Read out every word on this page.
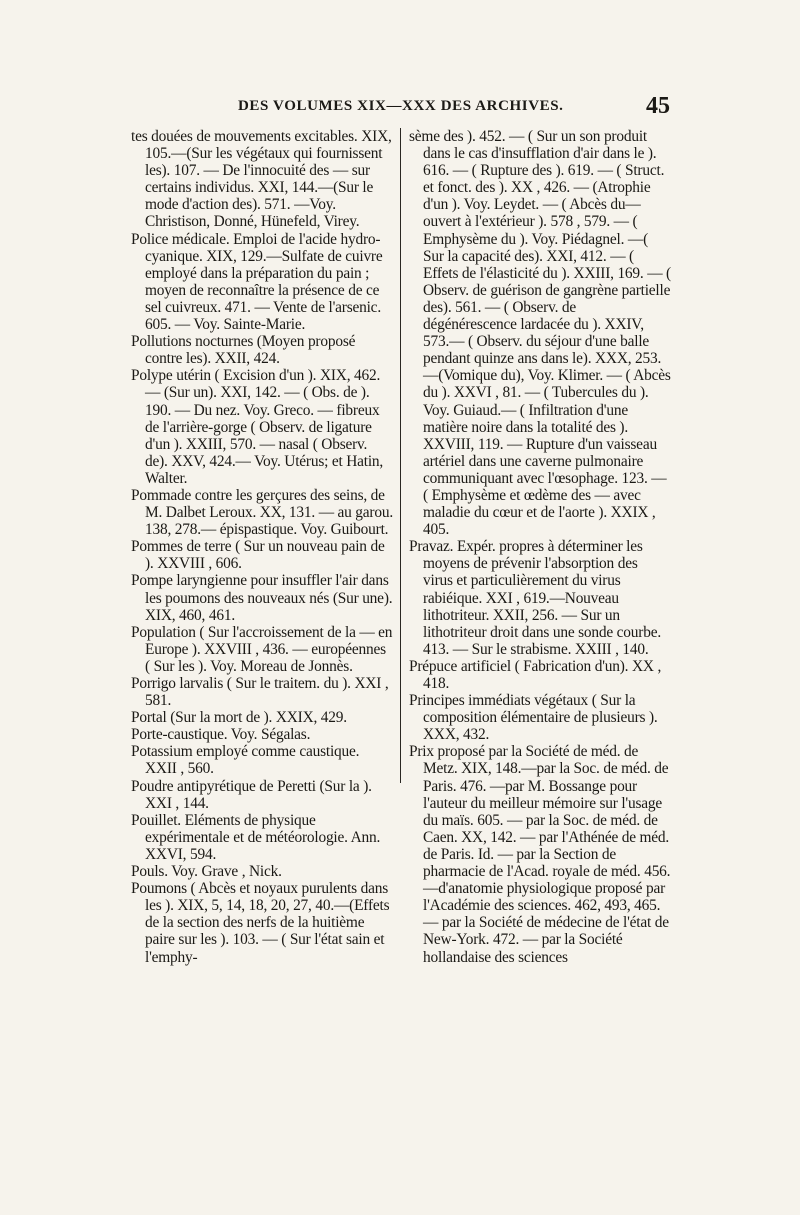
DES VOLUMES XIX—XXX DES ARCHIVES.	45

tes douées de mouvements excitables. XIX, 105.—(Sur les végétaux qui fournissent les). 107. — De l'innocuité des — sur certains individus. XXI, 144.—(Sur le mode d'action des). 571. —Voy. Christison, Donné, Hünefeld, Virey.

Police médicale. Emploi de l'acide hydro-cyanique. XIX, 129.—Sulfate de cuivre employé dans la préparation du pain ; moyen de reconnaître la présence de ce sel cuivreux. 471. — Vente de l'arsenic. 605. — Voy. Sainte-Marie.

Pollutions nocturnes (Moyen proposé contre les). XXII, 424.

Polype utérin ( Excision d'un ). XIX, 462. — (Sur un). XXI, 142. — ( Obs. de ). 190. — Du nez. Voy. Greco. — fibreux de l'arrière-gorge ( Observ. de ligature d'un ). XXIII, 570. — nasal ( Observ. de). XXV, 424.— Voy. Utérus; et Hatin, Walter.

Pommade contre les gerçures des seins, de M. Dalbet Leroux. XX, 131. — au garou. 138, 278.— épispastique. Voy. Guibourt.

Pommes de terre ( Sur un nouveau pain de ). XXVIII , 606.

Pompe laryngienne pour insuffler l'air dans les poumons des nouveaux nés (Sur une). XIX, 460, 461.

Population ( Sur l'accroissement de la — en Europe ). XXVIII , 436. — européennes ( Sur les ). Voy. Moreau de Jonnès.

Porrigo larvalis ( Sur le traitem. du ). XXI , 581.

Portal (Sur la mort de ). XXIX, 429.

Porte-caustique. Voy. Ségalas.

Potassium employé comme caustique. XXII , 560.

Poudre antipyrétique de Peretti (Sur la ). XXI , 144.

Pouillet. Eléments de physique expérimentale et de météorologie. Ann. XXVI, 594.

Pouls. Voy. Grave , Nick.

Poumons ( Abcès et noyaux purulents dans les ). XIX, 5, 14, 18, 20, 27, 40.—(Effets de la section des nerfs de la huitième paire sur les ). 103. — ( Sur l'état sain et l'emphy-

sème des ). 452. — ( Sur un son produit dans le cas d'insufflation d'air dans le ). 616. — ( Rupture des ). 619. — ( Struct. et fonct. des ). XX , 426. — (Atrophie d'un ). Voy. Leydet. — ( Abcès du— ouvert à l'extérieur ). 578 , 579. — ( Emphysème du ). Voy. Piédagnel. —( Sur la capacité des). XXI, 412. — ( Effets de l'élasticité du ). XXIII, 169. — ( Observ. de guérison de gangrène partielle des). 561. — ( Observ. de dégénérescence lardacée du ). XXIV, 573.— ( Observ. du séjour d'une balle pendant quinze ans dans le). XXX, 253.—(Vomique du), Voy. Klimer. — ( Abcès du ). XXVI , 81. — ( Tubercules du ). Voy. Guiaud.— ( Infiltration d'une matière noire dans la totalité des ). XXVIII, 119. — Rupture d'un vaisseau artériel dans une caverne pulmonaire communiquant avec l'œsophage. 123. — ( Emphysème et œdème des — avec maladie du cœur et de l'aorte ). XXIX , 405.

Pravaz. Expér. propres à déterminer les moyens de prévenir l'absorption des virus et particulièrement du virus rabiéique. XXI , 619.—Nouveau lithotriteur. XXII, 256. — Sur un lithotriteur droit dans une sonde courbe. 413. — Sur le strabisme. XXIII , 140.

Prépuce artificiel ( Fabrication d'un). XX , 418.

Principes immédiats végétaux ( Sur la composition élémentaire de plusieurs ). XXX, 432.

Prix proposé par la Société de méd. de Metz. XIX, 148.—par la Soc. de méd. de Paris. 476. —par M. Bossange pour l'auteur du meilleur mémoire sur l'usage du maïs. 605. — par la Soc. de méd. de Caen. XX, 142. — par l'Athénée de méd. de Paris. Id. — par la Section de pharmacie de l'Acad. royale de méd. 456.—d'anatomie physiologique proposé par l'Académie des sciences. 462, 493, 465. — par la Société de médecine de l'état de New-York. 472. — par la Société hollandaise des sciences
